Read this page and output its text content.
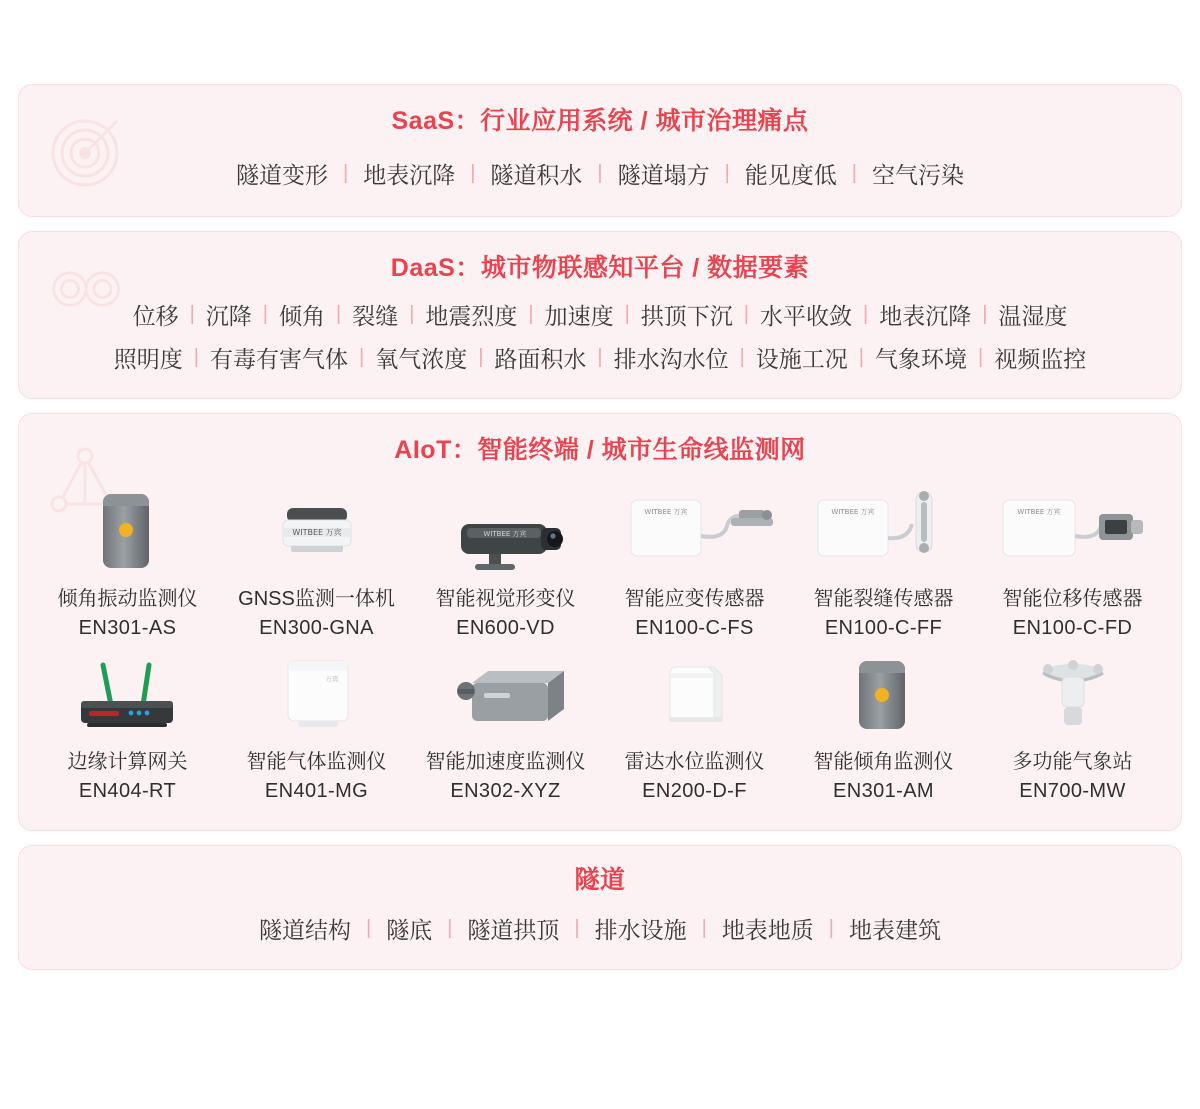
SaaS：行业应用系统 / 城市治理痛点
隧道变形 | 地表沉降 | 隧道积水 | 隧道塌方 | 能见度低 | 空气污染
DaaS：城市物联感知平台 / 数据要素
位移 | 沉降 | 倾角 | 裂缝 | 地震烈度 | 加速度 | 拱顶下沉 | 水平收敛 | 地表沉降 | 温湿度
照明度 | 有毒有害气体 | 氧气浓度 | 路面积水 | 排水沟水位 | 设施工况 | 气象环境 | 视频监控
AIoT：智能终端 / 城市生命线监测网
倾角振动监测仪
EN301-AS
WITBEE 万宾
GNSS监测一体机
EN300-GNA
WITBEE 万宾
智能视觉形变仪
EN600-VD
WITBEE 万宾
智能应变传感器
EN100-C-FS
WITBEE 万宾
智能裂缝传感器
EN100-C-FF
WITBEE 万宾
智能位移传感器
EN100-C-FD
边缘计算网关
EN404-RT
万宾
智能气体监测仪
EN401-MG
智能加速度监测仪
EN302-XYZ
雷达水位监测仪
EN200-D-F
智能倾角监测仪
EN301-AM
多功能气象站
EN700-MW
隧道
隧道结构 | 隧底 | 隧道拱顶 | 排水设施 | 地表地质 | 地表建筑
